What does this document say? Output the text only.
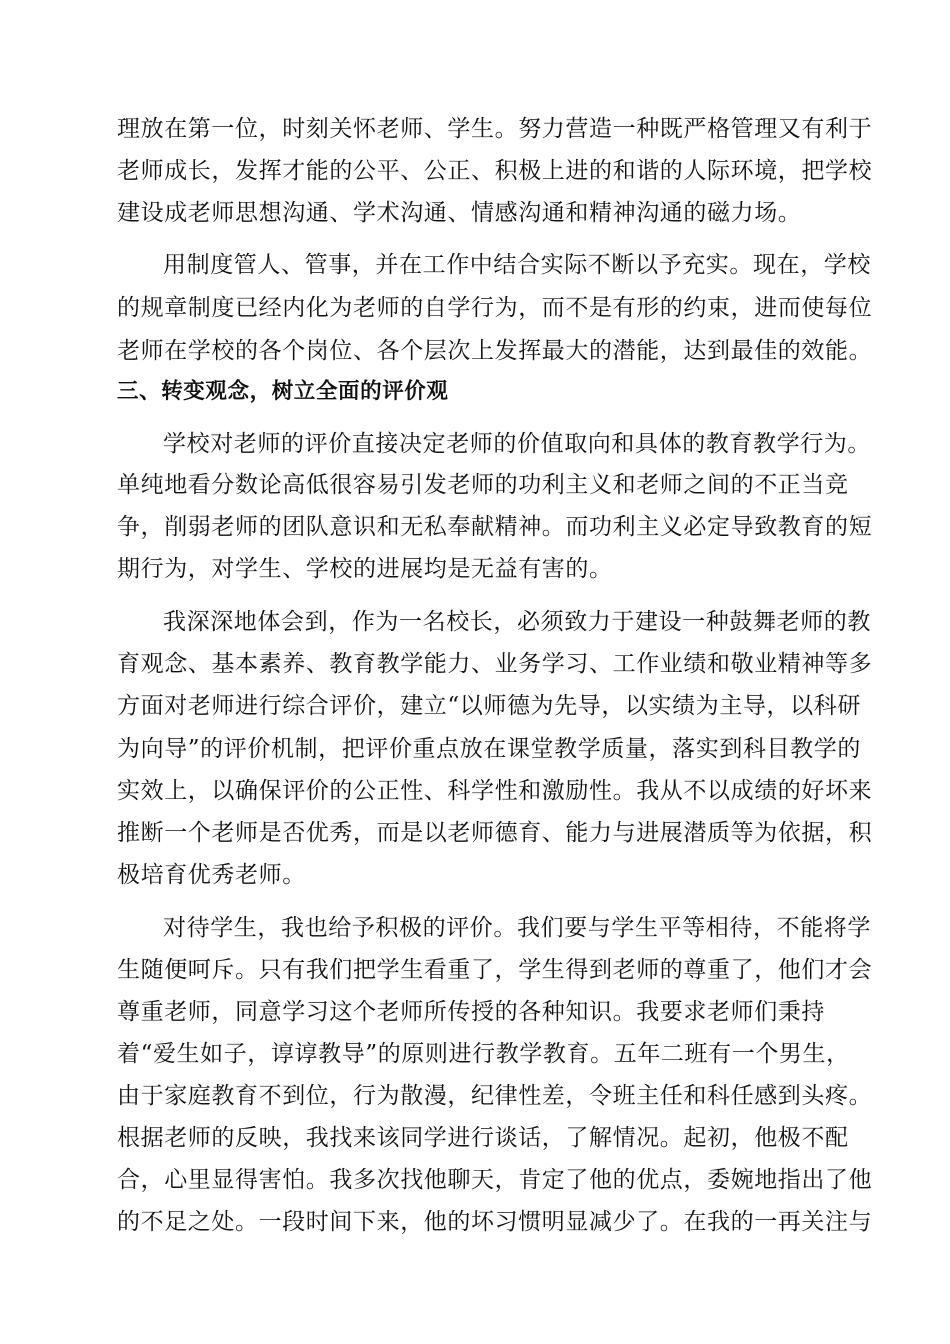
理放在第一位，时刻关怀老师、学生。努力营造一种既严格管理又有利于
老师成长，发挥才能的公平、公正、积极上进的和谐的人际环境，把学校
建设成老师思想沟通、学术沟通、情感沟通和精神沟通的磁力场。
用制度管人、管事，并在工作中结合实际不断以予充实。现在，学校
的规章制度已经内化为老师的自学行为，而不是有形的约束，进而使每位
老师在学校的各个岗位、各个层次上发挥最大的潜能，达到最佳的效能。
三、转变观念，树立全面的评价观
学校对老师的评价直接决定老师的价值取向和具体的教育教学行为。
单纯地看分数论高低很容易引发老师的功利主义和老师之间的不正当竞
争，削弱老师的团队意识和无私奉献精神。而功利主义必定导致教育的短
期行为，对学生、学校的进展均是无益有害的。
我深深地体会到，作为一名校长，必须致力于建设一种鼓舞老师的教
育观念、基本素养、教育教学能力、业务学习、工作业绩和敬业精神等多
方面对老师进行综合评价，建立“以师德为先导，以实绩为主导，以科研
为向导”的评价机制，把评价重点放在课堂教学质量，落实到科目教学的
实效上，以确保评价的公正性、科学性和激励性。我从不以成绩的好坏来
推断一个老师是否优秀，而是以老师德育、能力与进展潜质等为依据，积
极培育优秀老师。
对待学生，我也给予积极的评价。我们要与学生平等相待，不能将学
生随便呵斥。只有我们把学生看重了，学生得到老师的尊重了，他们才会
尊重老师，同意学习这个老师所传授的各种知识。我要求老师们秉持
着“爱生如子，谆谆教导”的原则进行教学教育。五年二班有一个男生，
由于家庭教育不到位，行为散漫，纪律性差，令班主任和科任感到头疼。
根据老师的反映，我找来该同学进行谈话，了解情况。起初，他极不配
合，心里显得害怕。我多次找他聊天，肯定了他的优点，委婉地指出了他
的不足之处。一段时间下来，他的坏习惯明显减少了。在我的一再关注与
